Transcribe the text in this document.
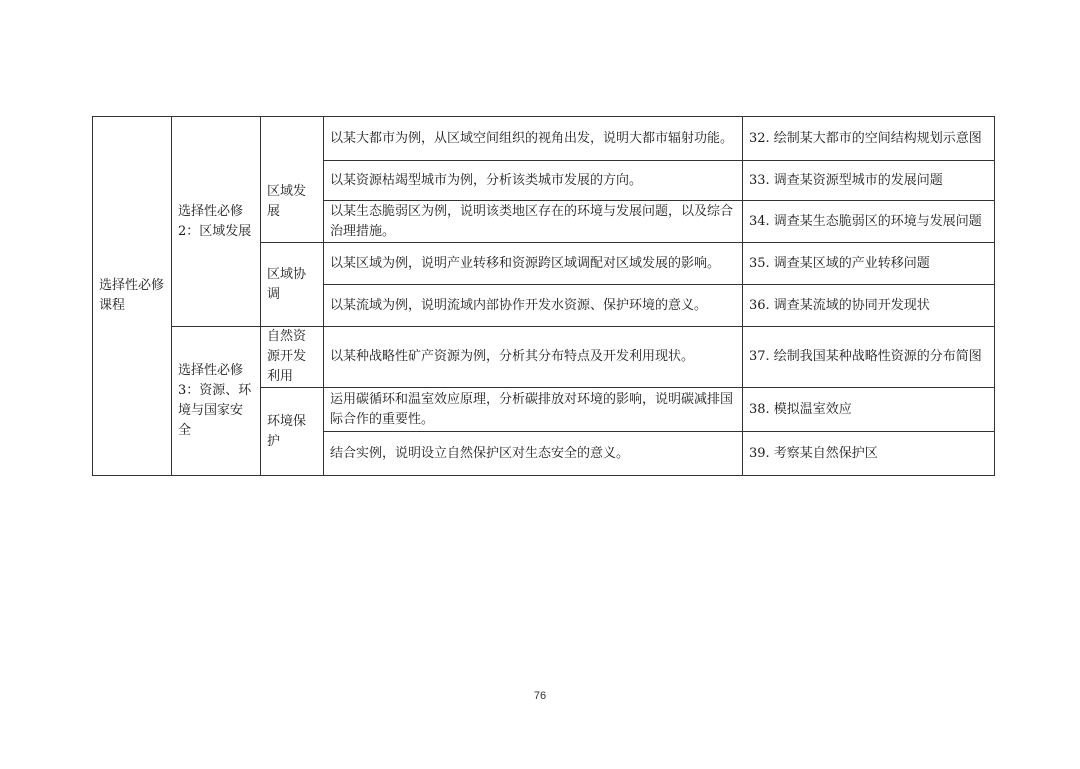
选择性必修课程	选择性必修2：区域发展	区域发展	以某大都市为例，从区域空间组织的视角出发，说明大都市辐射功能。	32. 绘制某大都市的空间结构规划示意图
			以某资源枯竭型城市为例，分析该类城市发展的方向。	33. 调查某资源型城市的发展问题
			以某生态脆弱区为例，说明该类地区存在的环境与发展问题，以及综合治理措施。	34. 调查某生态脆弱区的环境与发展问题
		区域协调	以某区域为例，说明产业转移和资源跨区域调配对区域发展的影响。	35. 调查某区域的产业转移问题
			以某流域为例，说明流域内部协作开发水资源、保护环境的意义。	36. 调查某流域的协同开发现状
	选择性必修3：资源、环境与国家安全	自然资源开发利用	以某种战略性矿产资源为例，分析其分布特点及开发利用现状。	37. 绘制我国某种战略性资源的分布简图
		环境保护	运用碳循环和温室效应原理，分析碳排放对环境的影响，说明碳减排国际合作的重要性。	38. 模拟温室效应
			结合实例，说明设立自然保护区对生态安全的意义。	39. 考察某自然保护区
76
